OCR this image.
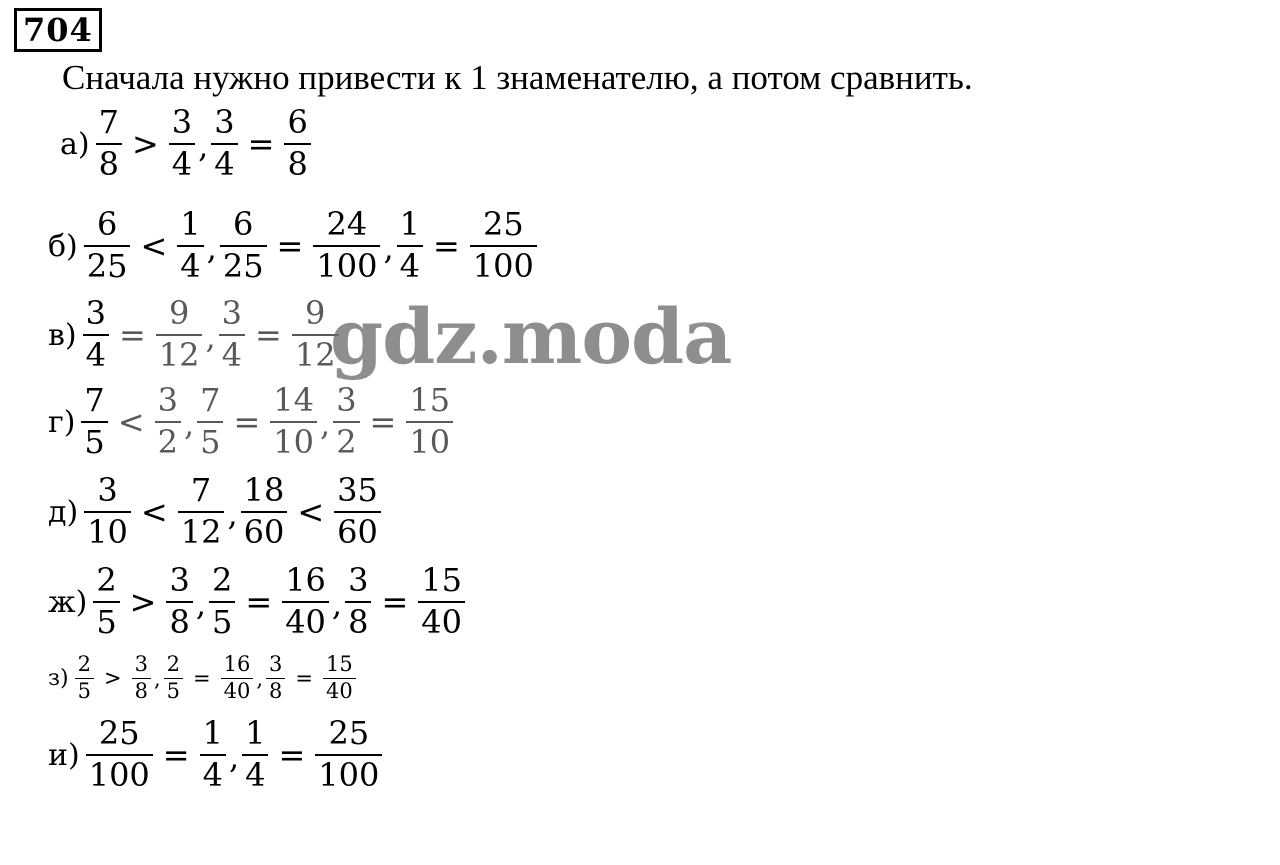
704
Сначала нужно привести к 1 знаменателю, а потом сравнить.
$а) \frac{7}{8} > \frac{3}{4}$ , $\frac{3}{4} = \frac{6}{8}$
$б) \frac{6}{25} < \frac{1}{4}$ , $\frac{6}{25} = \frac{24}{100}$ , $\frac{1}{4} = \frac{25}{100}$
$в) \frac{3}{4} = \frac{9}{12}$ , $\frac{3}{4} = \frac{9}{12}$
$г) \frac{7}{5} < \frac{3}{2}$ , $\frac{7}{5} = \frac{14}{10}$ , $\frac{3}{2} = \frac{15}{10}$
$д) \frac{3}{10} < \frac{7}{12}$ , $\frac{18}{60} < \frac{35}{60}$
$ж) \frac{2}{5} > \frac{3}{8}$ , $\frac{2}{5} = \frac{16}{40}$ , $\frac{3}{8} = \frac{15}{40}$
$з) \frac{2}{5} > \frac{3}{8}$ , $\frac{2}{5} = \frac{16}{40}$ , $\frac{3}{8} = \frac{15}{40}$
$и) \frac{25}{100} = \frac{1}{4}$ , $\frac{1}{4} = \frac{25}{100}$
gdz.moda
